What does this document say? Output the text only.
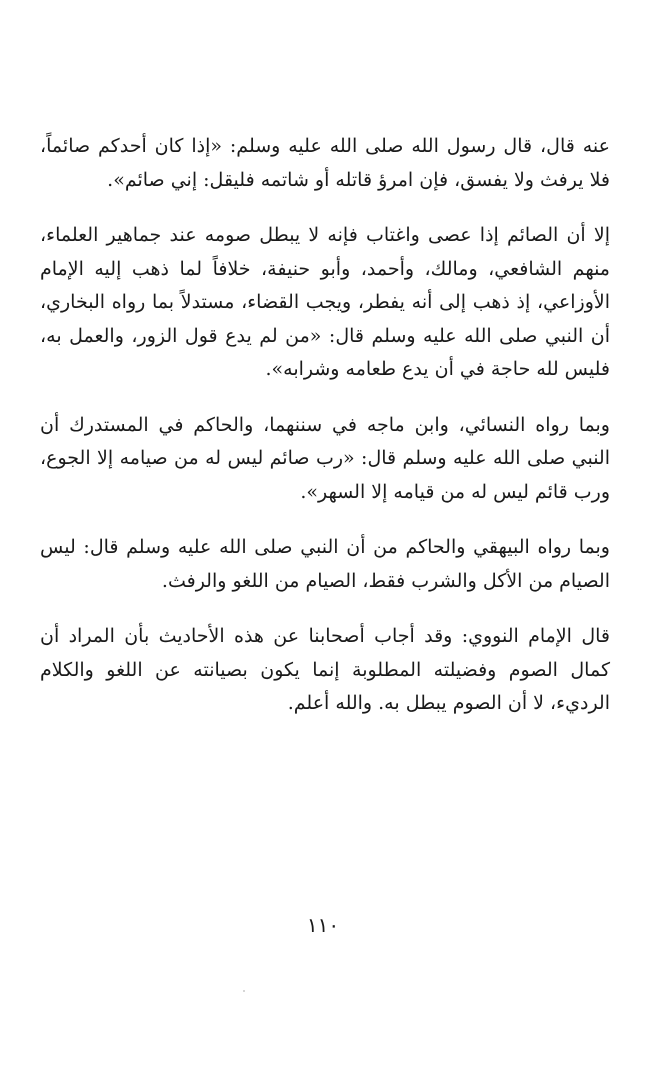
عنه قال، قال رسول الله صلى الله عليه وسلم: «إذا كان أحدكم صائماً، فلا يرفث ولا يفسق، فإن امرؤ قاتله أو شاتمه فليقل: إني صائم».

إلا أن الصائم إذا عصى واغتاب فإنه لا يبطل صومه عند جماهير العلماء، منهم الشافعي، ومالك، وأحمد، وأبو حنيفة، خلافاً لما ذهب إليه الإمام الأوزاعي، إذ ذهب إلى أنه يفطر، ويجب القضاء، مستدلاً بما رواه البخاري، أن النبي صلى الله عليه وسلم قال: «من لم يدع قول الزور، والعمل به، فليس لله حاجة في أن يدع طعامه وشرابه».

وبما رواه النسائي، وابن ماجه في سننهما، والحاكم في المستدرك أن النبي صلى الله عليه وسلم قال: «رب صائم ليس له من صيامه إلا الجوع، ورب قائم ليس له من قيامه إلا السهر».

وبما رواه البيهقي والحاكم من أن النبي صلى الله عليه وسلم قال: ليس الصيام من الأكل والشرب فقط، الصيام من اللغو والرفث.

قال الإمام النووي: وقد أجاب أصحابنا عن هذه الأحاديث بأن المراد أن كمال الصوم وفضيلته المطلوبة إنما يكون بصيانته عن اللغو والكلام الرديء، لا أن الصوم يبطل به. والله أعلم.

١١٠
